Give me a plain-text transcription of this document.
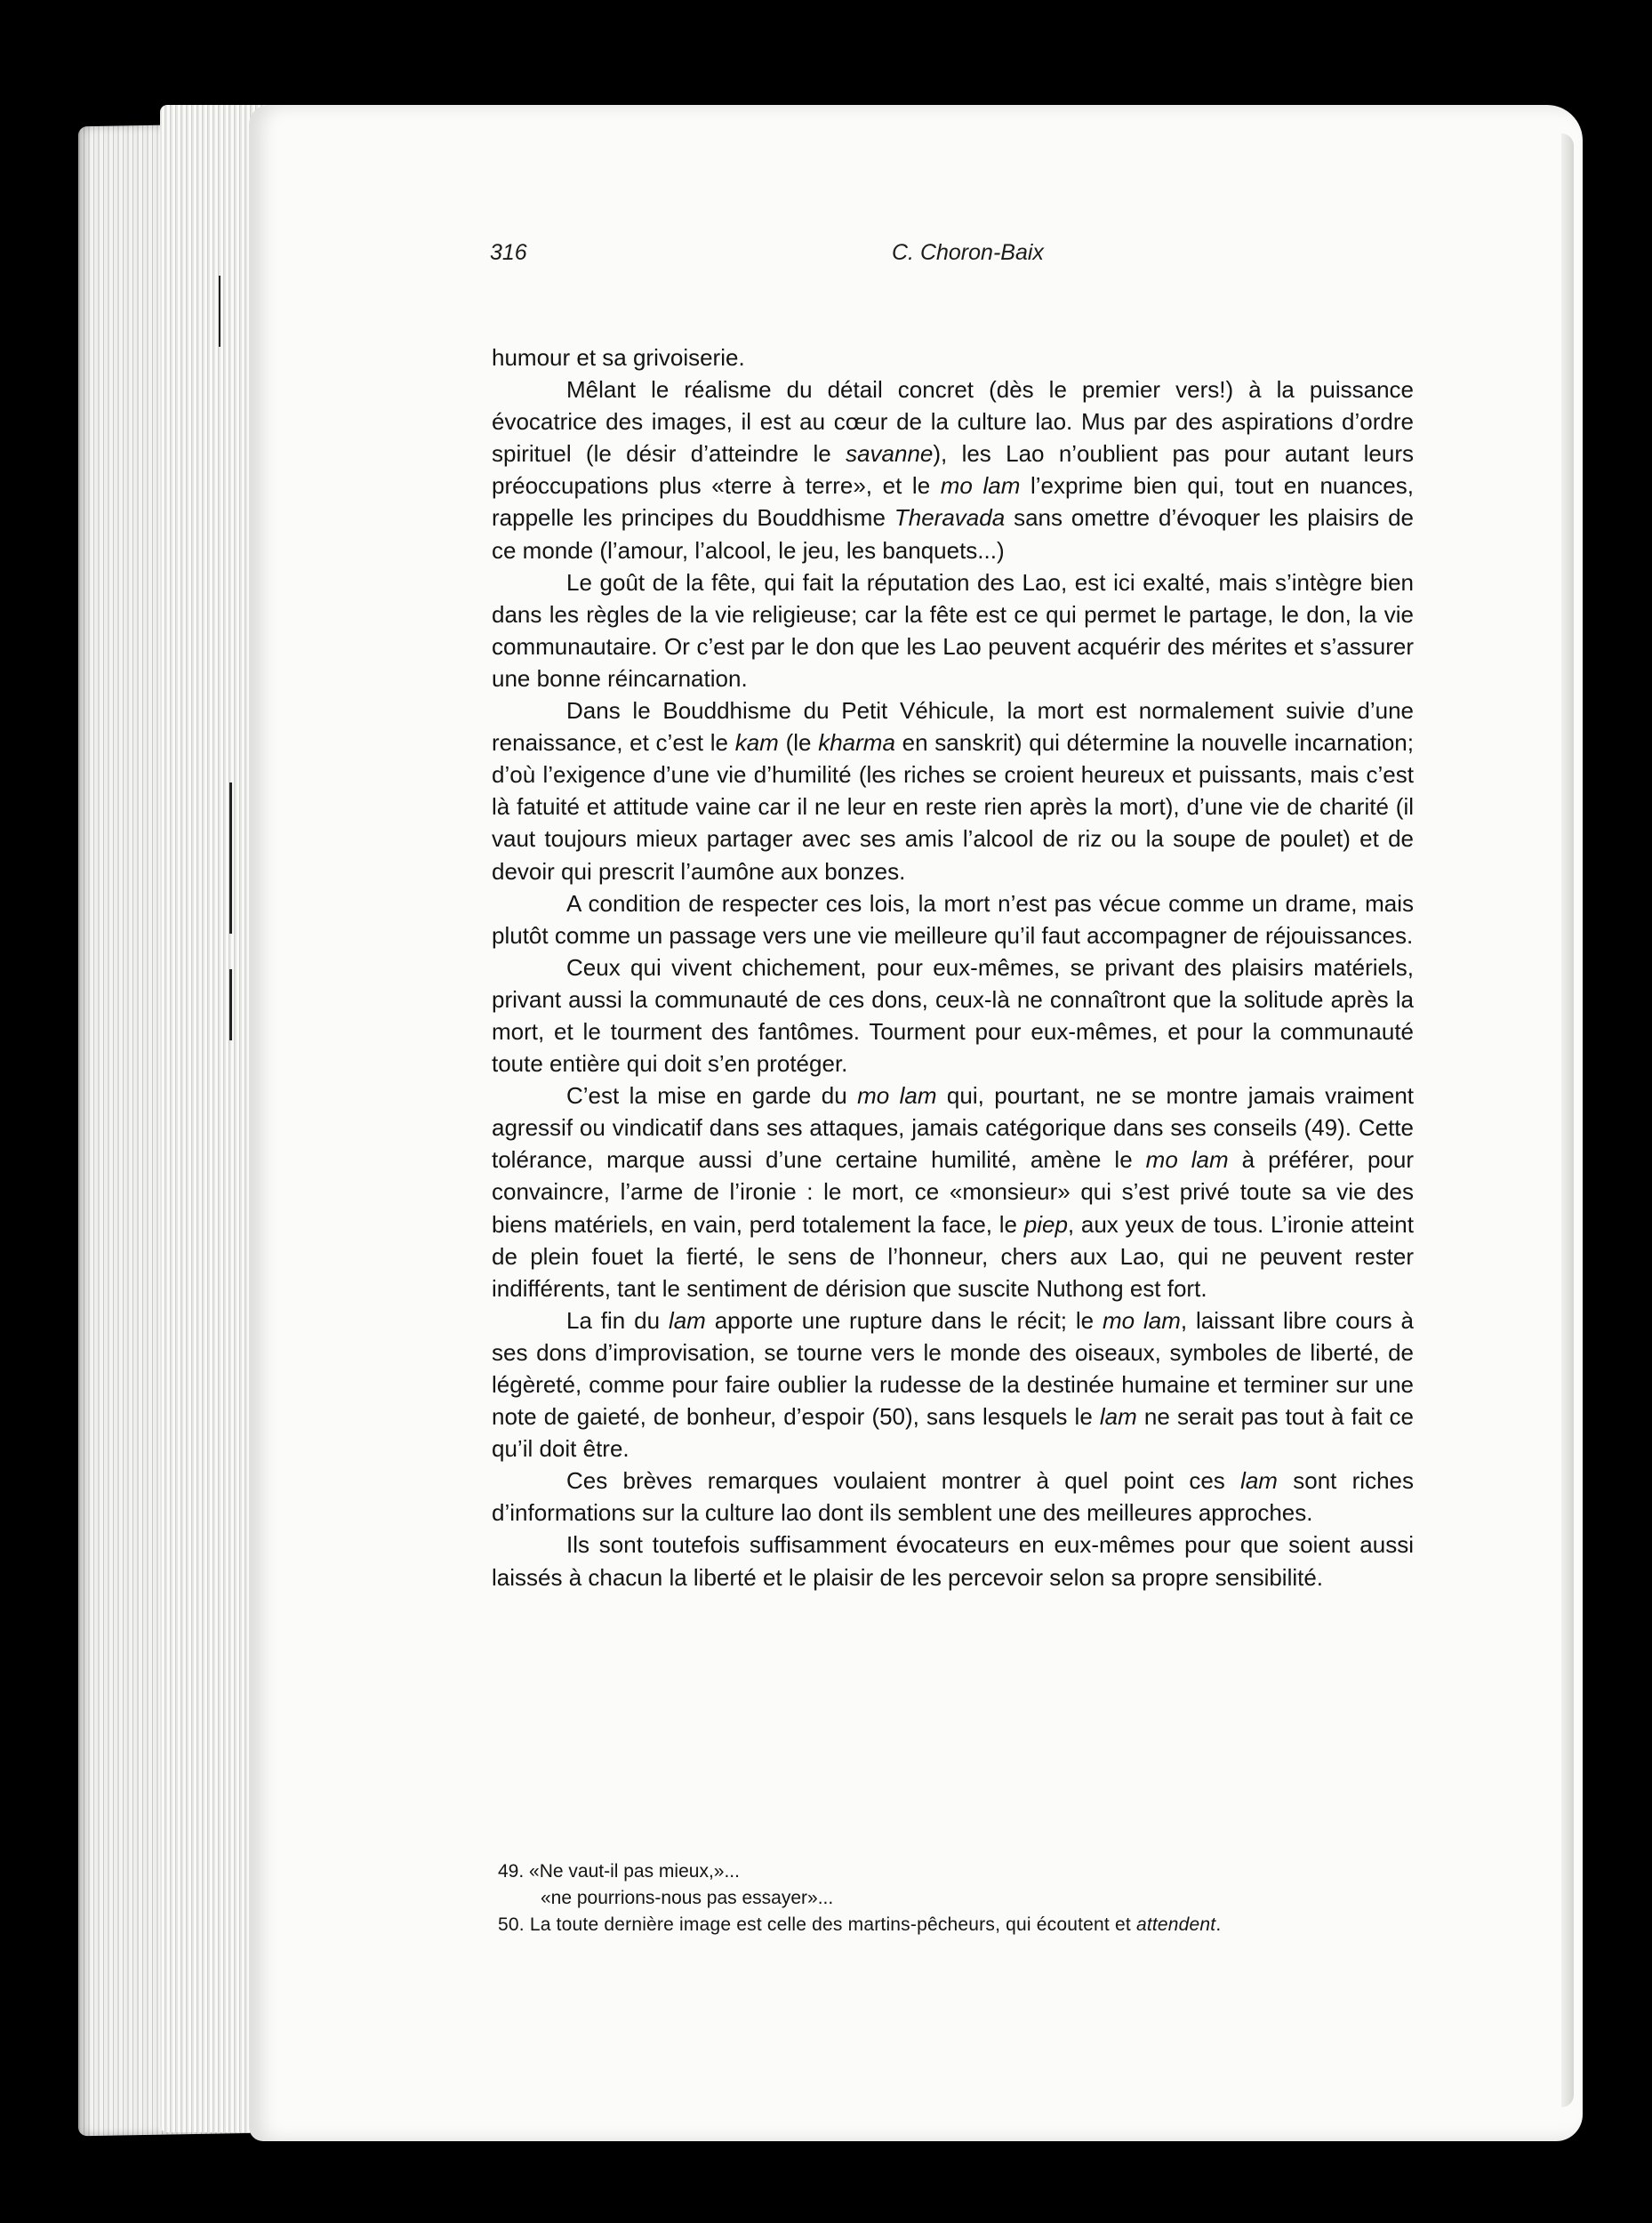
316	C. Choron-Baix

humour et sa grivoiserie.

Mêlant le réalisme du détail concret (dès le premier vers!) à la puissance évocatrice des images, il est au cœur de la culture lao. Mus par des aspirations d’ordre spirituel (le désir d’atteindre le savanne), les Lao n’oublient pas pour autant leurs préoccupations plus «terre à terre», et le mo lam l’exprime bien qui, tout en nuances, rappelle les principes du Bouddhisme Theravada sans omettre d’évoquer les plaisirs de ce monde (l’amour, l’alcool, le jeu, les banquets...)

Le goût de la fête, qui fait la réputation des Lao, est ici exalté, mais s’intègre bien dans les règles de la vie religieuse; car la fête est ce qui permet le partage, le don, la vie communautaire. Or c’est par le don que les Lao peuvent acquérir des mérites et s’assurer une bonne réincarnation.

Dans le Bouddhisme du Petit Véhicule, la mort est normalement suivie d’une renaissance, et c’est le kam (le kharma en sanskrit) qui détermine la nouvelle incarnation; d’où l’exigence d’une vie d’humilité (les riches se croient heureux et puissants, mais c’est là fatuité et attitude vaine car il ne leur en reste rien après la mort), d’une vie de charité (il vaut toujours mieux partager avec ses amis l’alcool de riz ou la soupe de poulet) et de devoir qui prescrit l’aumône aux bonzes.

A condition de respecter ces lois, la mort n’est pas vécue comme un drame, mais plutôt comme un passage vers une vie meilleure qu’il faut accompagner de réjouissances.

Ceux qui vivent chichement, pour eux-mêmes, se privant des plaisirs matériels, privant aussi la communauté de ces dons, ceux-là ne connaîtront que la solitude après la mort, et le tourment des fantômes. Tourment pour eux-mêmes, et pour la communauté toute entière qui doit s’en protéger.

C’est la mise en garde du mo lam qui, pourtant, ne se montre jamais vraiment agressif ou vindicatif dans ses attaques, jamais catégorique dans ses conseils (49). Cette tolérance, marque aussi d’une certaine humilité, amène le mo lam à préférer, pour convaincre, l’arme de l’ironie : le mort, ce «monsieur» qui s’est privé toute sa vie des biens matériels, en vain, perd totalement la face, le piep, aux yeux de tous. L’ironie atteint de plein fouet la fierté, le sens de l’honneur, chers aux Lao, qui ne peuvent rester indifférents, tant le sentiment de dérision que suscite Nuthong est fort.

La fin du lam apporte une rupture dans le récit; le mo lam, laissant libre cours à ses dons d’improvisation, se tourne vers le monde des oiseaux, symboles de liberté, de légèreté, comme pour faire oublier la rudesse de la destinée humaine et terminer sur une note de gaieté, de bonheur, d’espoir (50), sans lesquels le lam ne serait pas tout à fait ce qu’il doit être.

Ces brèves remarques voulaient montrer à quel point ces lam sont riches d’informations sur la culture lao dont ils semblent une des meilleures approches.

Ils sont toutefois suffisamment évocateurs en eux-mêmes pour que soient aussi laissés à chacun la liberté et le plaisir de les percevoir selon sa propre sensibilité.

49. «Ne vaut-il pas mieux,»...
«ne pourrions-nous pas essayer»...
50. La toute dernière image est celle des martins-pêcheurs, qui écoutent et attendent.
